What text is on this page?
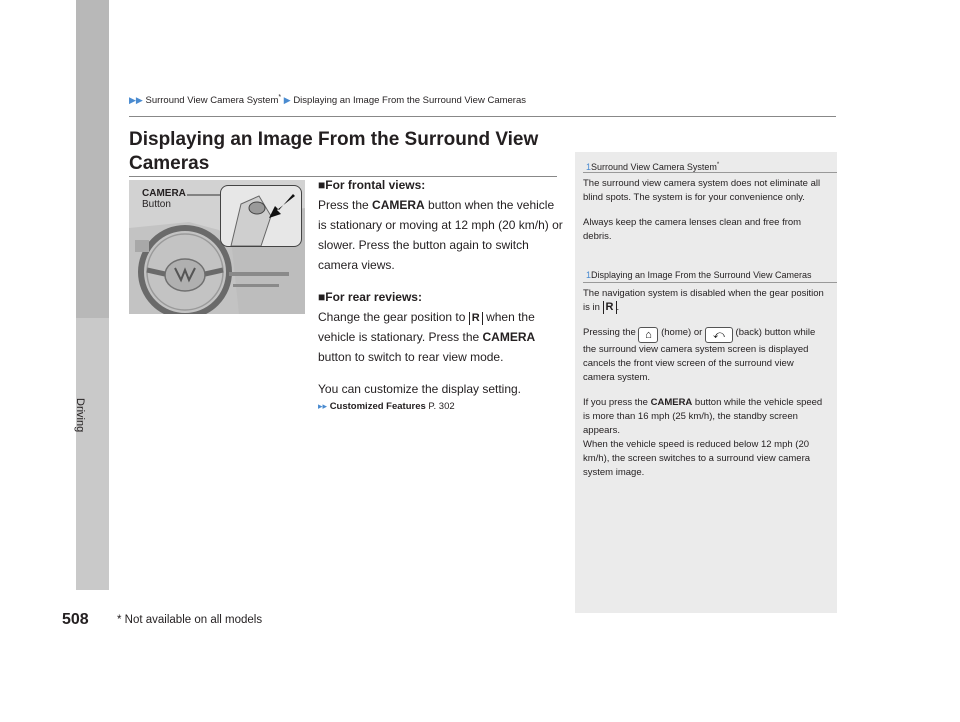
Driving
▶▶ Surround View Camera System* ▶ Displaying an Image From the Surround View Cameras
Displaying an Image From the Surround View Cameras
CAMERA
Button

■For frontal views:

Press the CAMERA button when the vehicle is stationary or moving at 12 mph (20 km/h) or slower. Press the button again to switch camera views.

■For rear reviews:

Change the gear position to R when the vehicle is stationary. Press the CAMERA button to switch to rear view mode.

You can customize the display setting.

▸▸ Customized Features P. 302

1Surround View Camera System*

The surround view camera system does not eliminate all blind spots. The system is for your convenience only.

Always keep the camera lenses clean and free from debris.

1Displaying an Image From the Surround View Cameras

The navigation system is disabled when the gear position is in R .

Pressing the ⌂ (home) or ⤺ (back) button while the surround view camera system screen is displayed cancels the front view screen of the surround view camera system.

If you press the CAMERA button while the vehicle speed is more than 16 mph (25 km/h), the standby screen appears.

When the vehicle speed is reduced below 12 mph (20 km/h), the screen switches to a surround view camera system image.

508 * Not available on all models
